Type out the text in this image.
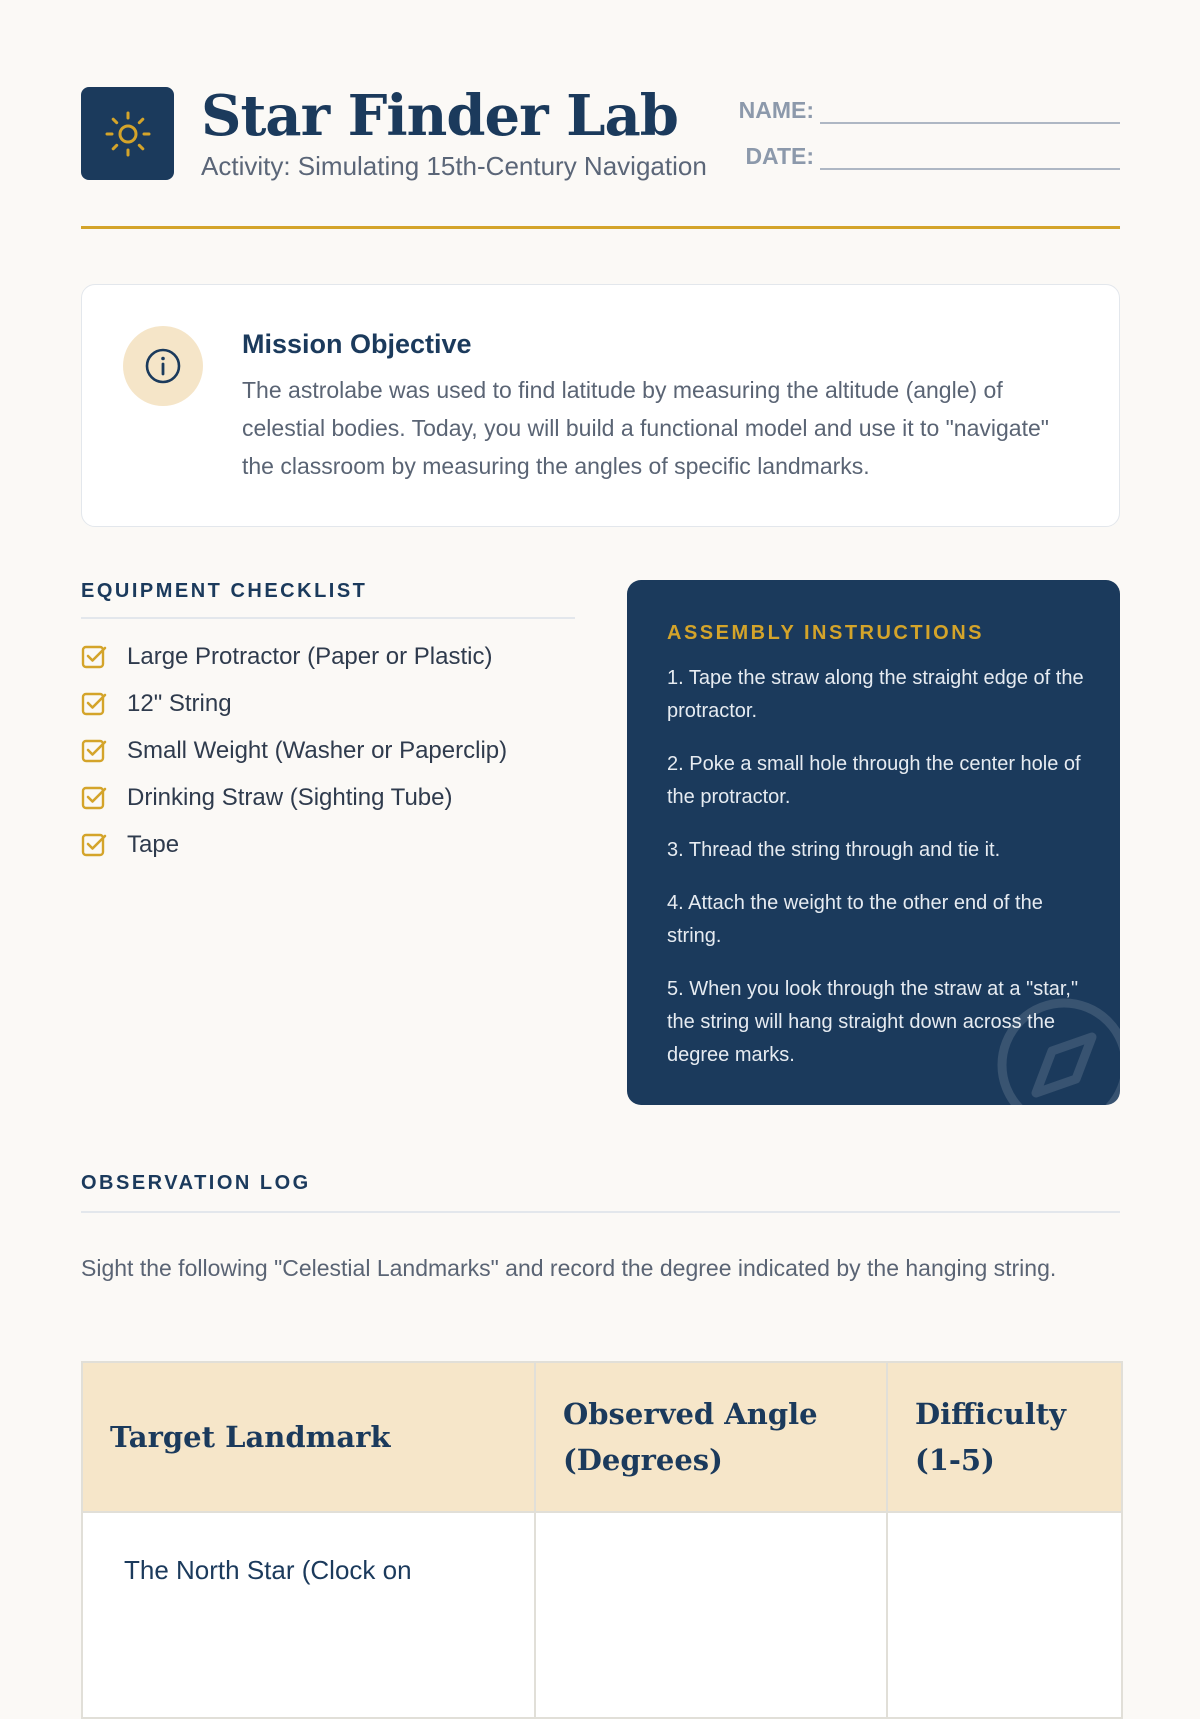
Star Finder Lab
Activity: Simulating 15th-Century Navigation
NAME:
DATE:
Mission Objective
The astrolabe was used to find latitude by measuring the altitude (angle) of celestial bodies. Today, you will build a functional model and use it to "navigate" the classroom by measuring the angles of specific landmarks.
EQUIPMENT CHECKLIST
Large Protractor (Paper or Plastic)
12" String
Small Weight (Washer or Paperclip)
Drinking Straw (Sighting Tube)
Tape
ASSEMBLY INSTRUCTIONS
1. Tape the straw along the straight edge of the protractor.
2. Poke a small hole through the center hole of the protractor.
3. Thread the string through and tie it.
4. Attach the weight to the other end of the string.
5. When you look through the straw at a "star," the string will hang straight down across the degree marks.
OBSERVATION LOG
Sight the following "Celestial Landmarks" and record the degree indicated by the hanging string.
Target Landmark	Observed Angle (Degrees)	Difficulty (1-5)
The North Star (Clock on		
